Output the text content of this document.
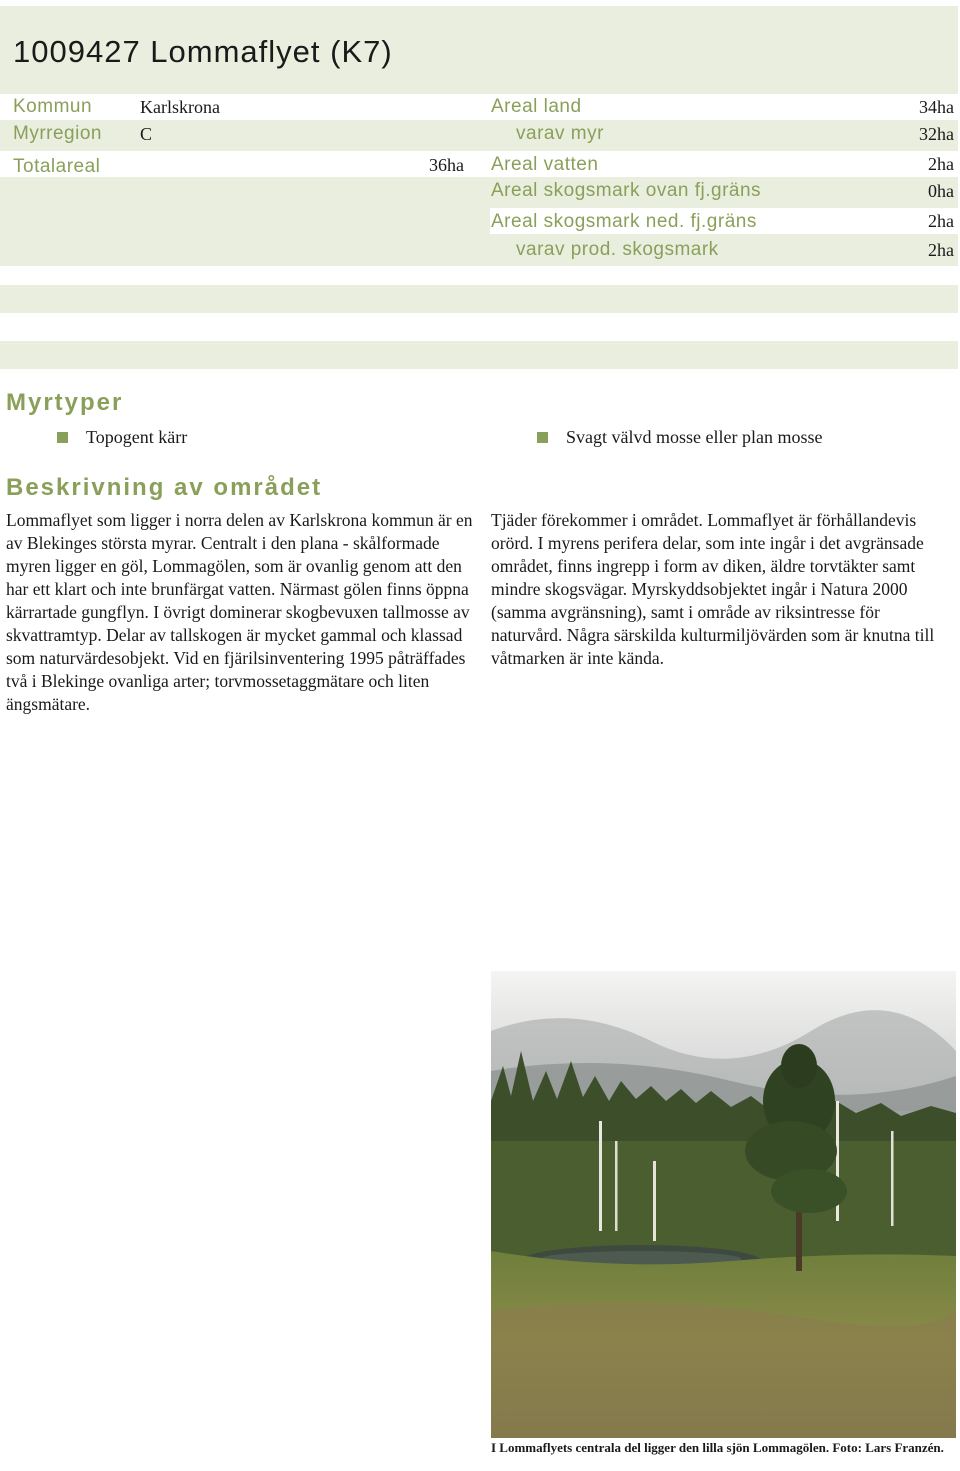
1009427 Lommaflyet (K7)
Kommun	Karlskrona
Myrregion C
Totalareal	36ha
Areal land	34ha
varav myr	32ha
Areal vatten	2ha
Areal skogsmark ovan fj.gräns	0ha
Areal skogsmark ned. fj.gräns	2ha
varav prod. skogsmark	2ha
Myrtyper
Topogent kärr	Svagt välvd mosse eller plan mosse
Beskrivning av området

Lommaflyet som ligger i norra delen av Karlskrona kommun är en av Blekinges största myrar. Centralt i den plana - skålformade myren ligger en göl, Lommagölen, som är ovanlig genom att den har ett klart och inte brunfärgat vatten. Närmast gölen finns öppna kärrartade gungflyn. I övrigt dominerar skogbevuxen tallmosse av skvattramtyp. Delar av tallskogen är mycket gammal och klassad som naturvärdesobjekt. Vid en fjärilsinventering 1995 påträffades två i Blekinge ovanliga arter; torvmossetaggmätare och liten ängsmätare.

Tjäder förekommer i området. Lommaflyet är förhållandevis orörd. I myrens perifera delar, som inte ingår i det avgränsade området, finns ingrepp i form av diken, äldre torvtäkter samt mindre skogsvägar. Myrskyddsobjektet ingår i Natura 2000 (samma avgränsning), samt i område av riksintresse för naturvård. Några särskilda kulturmiljövärden som är knutna till våtmarken är inte kända.

I Lommaflyets centrala del ligger den lilla sjön Lommagölen. Foto: Lars Franzén.
